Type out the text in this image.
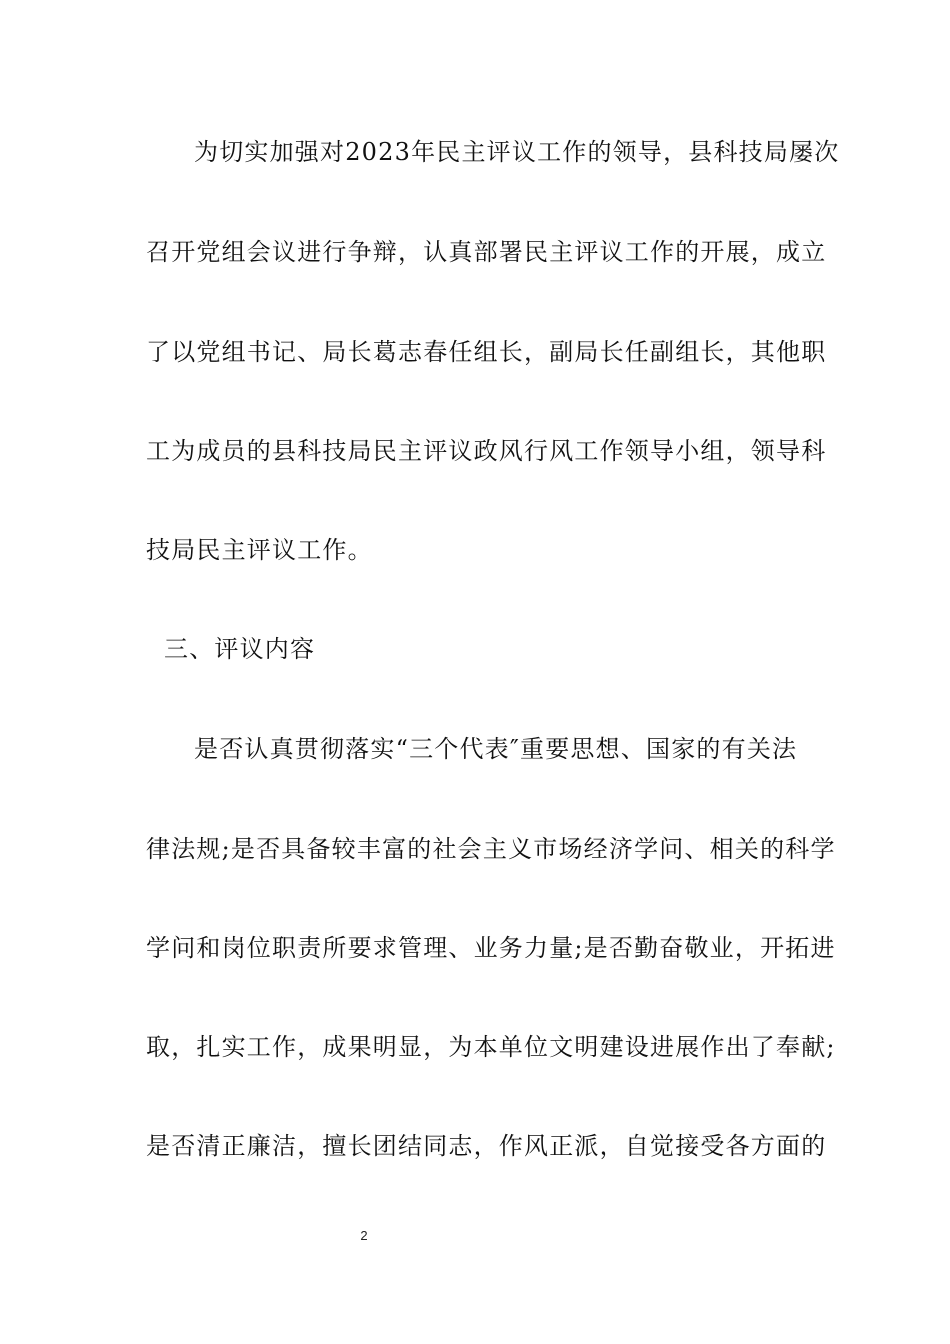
为切实加强对2023年民主评议工作的领导，县科技局屡次
召开党组会议进行争辩，认真部署民主评议工作的开展，成立
了以党组书记、局长葛志春任组长，副局长任副组长，其他职
工为成员的县科技局民主评议政风行风工作领导小组，领导科
技局民主评议工作。
三、评议内容
是否认真贯彻落实“三个代表″重要思想、国家的有关法
律法规;是否具备较丰富的社会主义市场经济学问、相关的科学
学问和岗位职责所要求管理、业务力量;是否勤奋敬业，开拓进
取，扎实工作，成果明显，为本单位文明建设进展作出了奉献;
是否清正廉洁，擅长团结同志，作风正派，自觉接受各方面的
2
